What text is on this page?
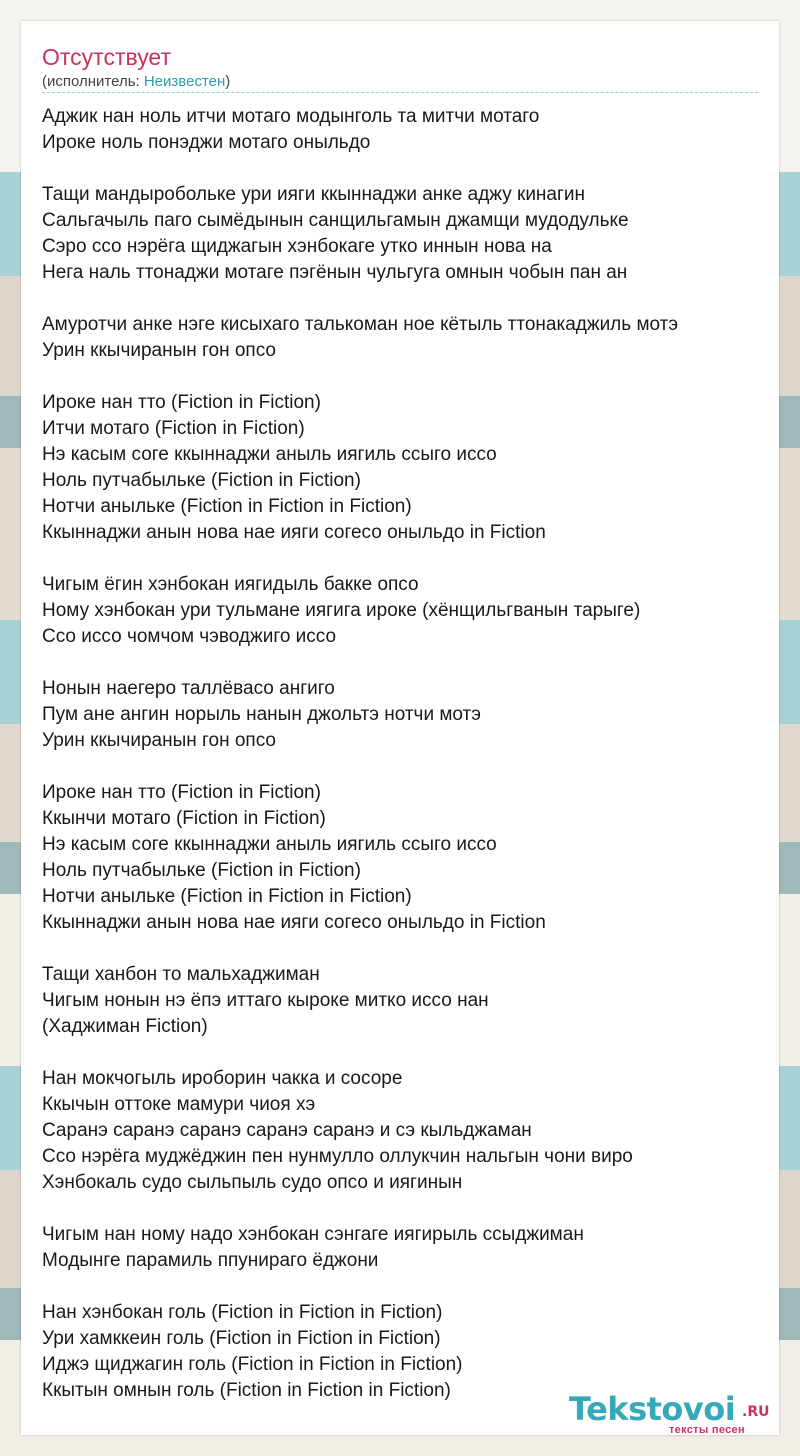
Отсутствует
(исполнитель: Неизвестен)
Аджик нан ноль итчи мотаго модынголь та митчи мотаго
Ироке ноль понэджи мотаго оныльдо
Тащи мандыробольке ури ияги ккыннаджи анке аджу кинагин
Сальгачыль паго сымёдынын санщильгамын джамщи мудодульке
Сэро ссо нэрёга щиджагын хэнбокаге утко иннын нова на
Нега наль ттонаджи мотаге пэгёнын чульгуга омнын чобын пан ан
Амуротчи анке нэге кисыхаго талькоман ное кётыль ттонакаджиль мотэ
Урин ккычиранын гон опсо
Ироке нан тто (Fiction in Fiction)
Итчи мотаго (Fiction in Fiction)
Нэ касым соге ккыннаджи аныль иягиль ссыго иссо
Ноль путчабыльке (Fiction in Fiction)
Нотчи аныльке (Fiction in Fiction in Fiction)
Ккыннаджи анын нова нае ияги согесо оныльдо in Fiction
Чигым ёгин хэнбокан иягидыль бакке опсо
Ному хэнбокан ури тульмане иягига ироке (хёнщильгванын тарыге)
Ссо иссо чомчом чэводжиго иссо
Нонын наегеро таллёвасо ангиго
Пум ане ангин норыль нанын джольтэ нотчи мотэ
Урин ккычиранын гон опсо
Ироке нан тто (Fiction in Fiction)
Ккынчи мотаго (Fiction in Fiction)
Нэ касым соге ккыннаджи аныль иягиль ссыго иссо
Ноль путчабыльке (Fiction in Fiction)
Нотчи аныльке (Fiction in Fiction in Fiction)
Ккыннаджи анын нова нае ияги согесо оныльдо in Fiction
Тащи ханбон то мальхаджиман
Чигым нонын нэ ёпэ иттаго кыроке митко иссо нан
(Хаджиман Fiction)
Нан мокчогыль ироборин чакка и сосоре
Ккычын оттоке мамури чиоя хэ
Саранэ саранэ саранэ саранэ саранэ и сэ кыльджаман
Ссо нэрёга муджёджин пен нунмулло оллукчин нальгын чони виро
Хэнбокаль судо сыльпыль судо опсо и иягинын
Чигым нан ному надо хэнбокан сэнгаге иягирыль ссыджиман
Модынге парамиль ппунираго ёджони
Нан хэнбокан голь (Fiction in Fiction in Fiction)
Ури хамккеин голь (Fiction in Fiction in Fiction)
Иджэ щиджагин голь (Fiction in Fiction in Fiction)
Ккытын омнын голь (Fiction in Fiction in Fiction)	Tekstovoi .RU
тексты песен
